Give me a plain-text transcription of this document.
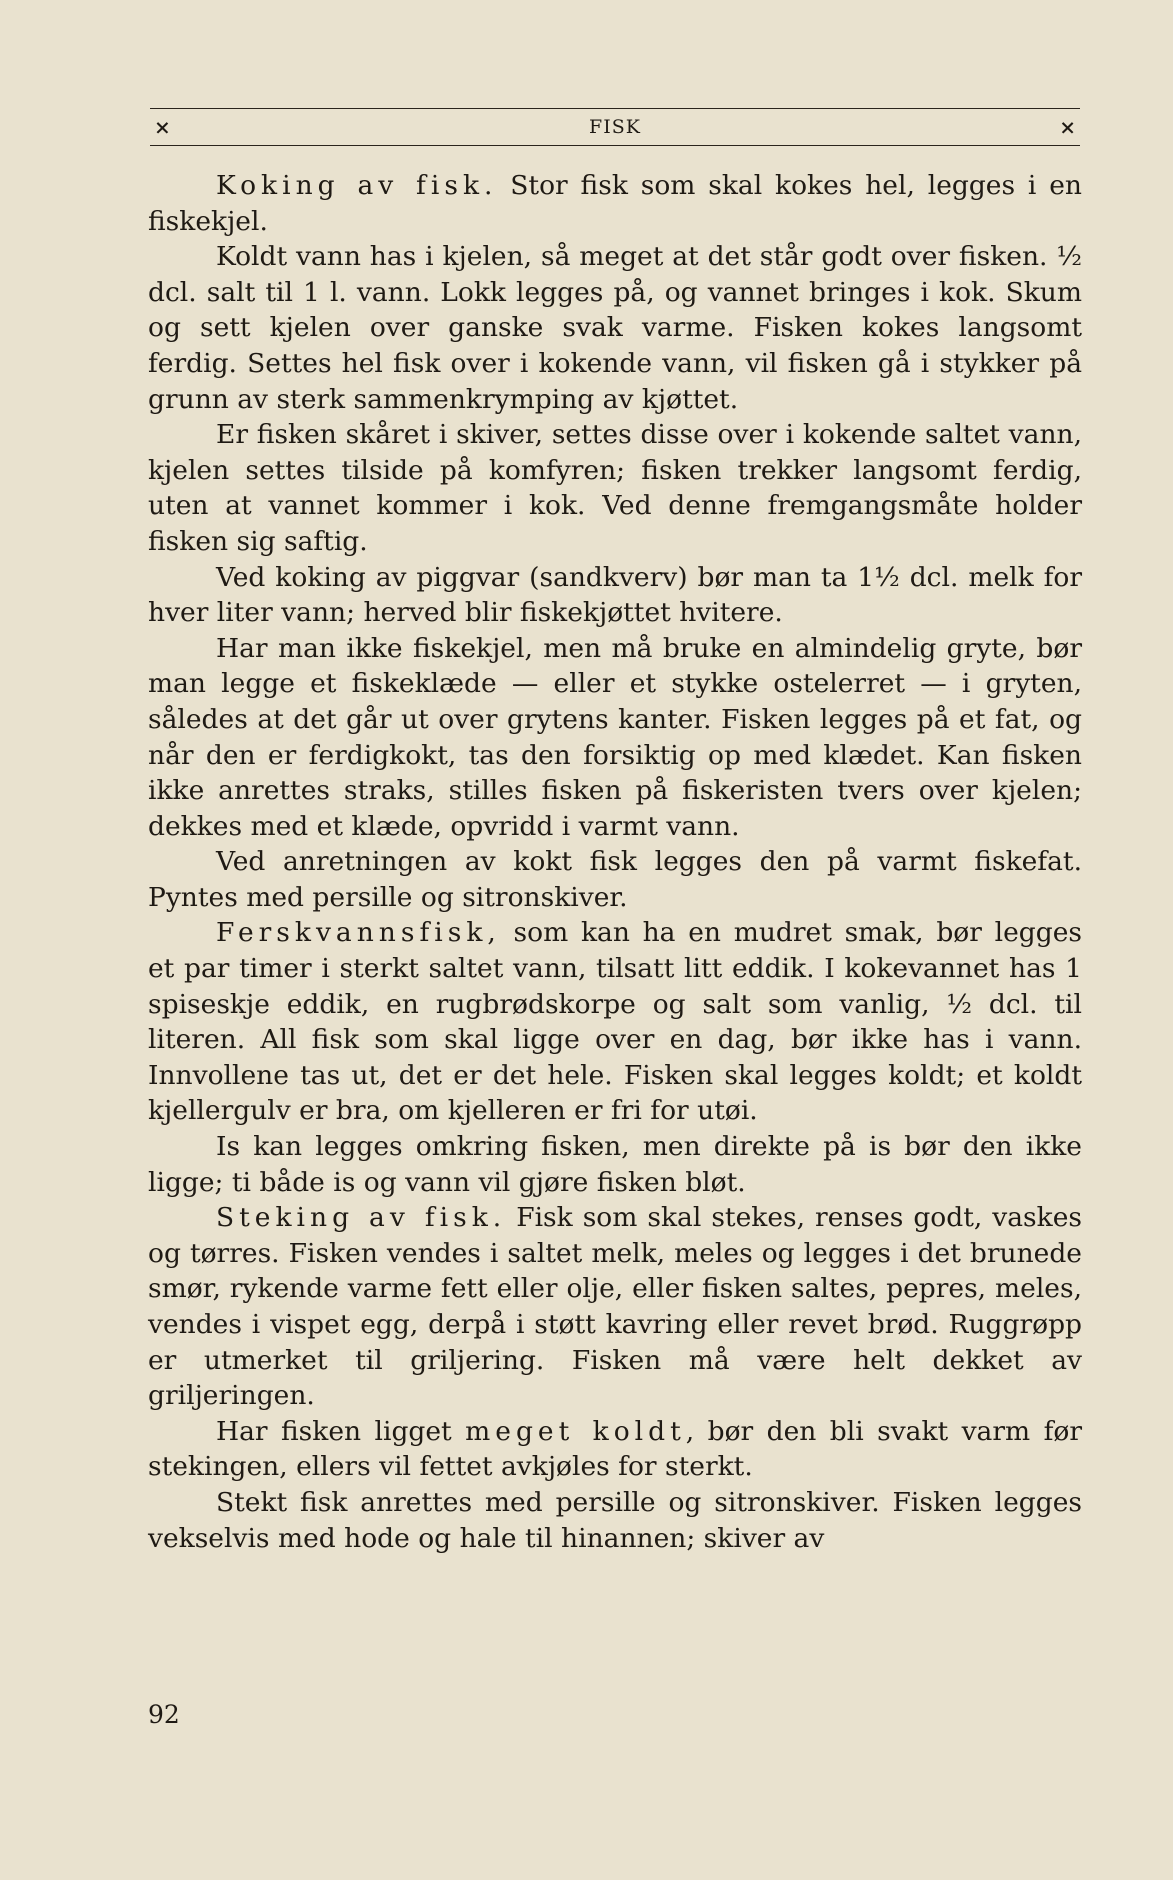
×	FISK	×

Koking av fisk. Stor fisk som skal kokes hel, legges i en fiskekjel.

Koldt vann has i kjelen, så meget at det står godt over fisken. ½ dcl. salt til 1 l. vann. Lokk legges på, og vannet bringes i kok. Skum og sett kjelen over ganske svak varme. Fisken kokes langsomt ferdig. Settes hel fisk over i kokende vann, vil fisken gå i stykker på grunn av sterk sammenkrymping av kjøttet.

Er fisken skåret i skiver, settes disse over i kokende saltet vann, kjelen settes tilside på komfyren; fisken trekker langsomt ferdig, uten at vannet kommer i kok. Ved denne fremgangsmåte holder fisken sig saftig.

Ved koking av piggvar (sandkverv) bør man ta 1½ dcl. melk for hver liter vann; herved blir fiskekjøttet hvitere.

Har man ikke fiskekjel, men må bruke en almindelig gryte, bør man legge et fiskeklæde — eller et stykke ostelerret — i gryten, således at det går ut over grytens kanter. Fisken legges på et fat, og når den er ferdigkokt, tas den forsiktig op med klædet. Kan fisken ikke anrettes straks, stilles fisken på fiskeristen tvers over kjelen; dekkes med et klæde, opvridd i varmt vann.

Ved anretningen av kokt fisk legges den på varmt fiskefat. Pyntes med persille og sitronskiver.

Ferskvannsfisk, som kan ha en mudret smak, bør legges et par timer i sterkt saltet vann, tilsatt litt eddik. I kokevannet has 1 spiseskje eddik, en rugbrødskorpe og salt som vanlig, ½ dcl. til literen. All fisk som skal ligge over en dag, bør ikke has i vann. Innvollene tas ut, det er det hele. Fisken skal legges koldt; et koldt kjellergulv er bra, om kjelleren er fri for utøi.

Is kan legges omkring fisken, men direkte på is bør den ikke ligge; ti både is og vann vil gjøre fisken bløt.

Steking av fisk. Fisk som skal stekes, renses godt, vaskes og tørres. Fisken vendes i saltet melk, meles og legges i det brunede smør, rykende varme fett eller olje, eller fisken saltes, pepres, meles, vendes i vispet egg, derpå i støtt kavring eller revet brød. Ruggrøpp er utmerket til griljering. Fisken må være helt dekket av griljeringen.

Har fisken ligget meget koldt, bør den bli svakt varm før stekingen, ellers vil fettet avkjøles for sterkt.

Stekt fisk anrettes med persille og sitronskiver. Fisken legges vekselvis med hode og hale til hinannen; skiver av

92
